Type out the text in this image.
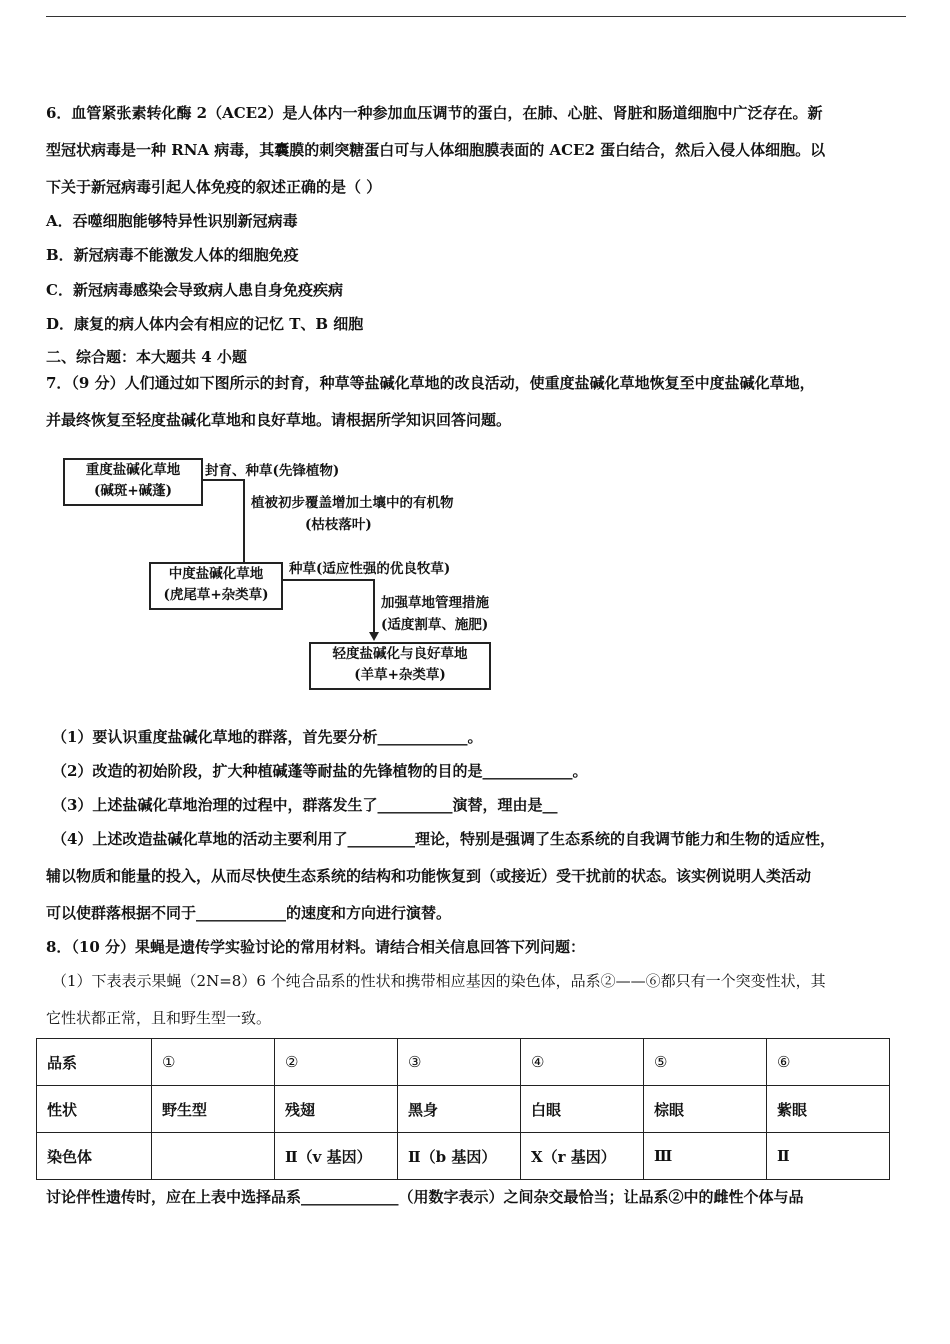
6．血管紧张素转化酶 2（ACE2）是人体内一种参加血压调节的蛋白，在肺、心脏、肾脏和肠道细胞中广泛存在。新
型冠状病毒是一种 RNA 病毒，其囊膜的刺突糖蛋白可与人体细胞膜表面的 ACE2 蛋白结合，然后入侵人体细胞。以
下关于新冠病毒引起人体免疫的叙述正确的是（ ）
A．吞噬细胞能够特异性识别新冠病毒
B．新冠病毒不能激发人体的细胞免疫
C．新冠病毒感染会导致病人患自身免疫疾病
D．康复的病人体内会有相应的记忆 T、B 细胞
二、综合题：本大题共 4 小题
7．（9 分）人们通过如下图所示的封育，种草等盐碱化草地的改良活动，使重度盐碱化草地恢复至中度盐碱化草地，
并最终恢复至轻度盐碱化草地和良好草地。请根据所学知识回答问题。
重度盐碱化草地
(碱斑+碱蓬)
封育、种草(先锋植物)
植被初步覆盖增加土壤中的有机物
(枯枝落叶)
中度盐碱化草地
(虎尾草+杂类草)
种草(适应性强的优良牧草)
加强草地管理措施
(适度割草、施肥)
轻度盐碱化与良好草地
(羊草+杂类草)
（1）要认识重度盐碱化草地的群落，首先要分析____________。
（2）改造的初始阶段，扩大种植碱蓬等耐盐的先锋植物的目的是____________。
（3）上述盐碱化草地治理的过程中，群落发生了__________演替，理由是__
（4）上述改造盐碱化草地的活动主要利用了_________理论，特别是强调了生态系统的自我调节能力和生物的适应性，
辅以物质和能量的投入，从而尽快使生态系统的结构和功能恢复到（或接近）受干扰前的状态。该实例说明人类活动
可以使群落根据不同于____________的速度和方向进行演替。
8．（10 分）果蝇是遗传学实验讨论的常用材料。请结合相关信息回答下列问题：
（1）下表表示果蝇（2N=8）6 个纯合品系的性状和携带相应基因的染色体，品系②——⑥都只有一个突变性状，其
它性状都正常，且和野生型一致。
品系	①	②	③	④	⑤	⑥
性状	野生型	残翅	黑身	白眼	棕眼	紫眼
染色体		Ⅱ（v 基因）	Ⅱ（b 基因）	X（r 基因）	Ⅲ	Ⅱ
讨论伴性遗传时，应在上表中选择品系_____________（用数字表示）之间杂交最恰当；让品系②中的雌性个体与品
